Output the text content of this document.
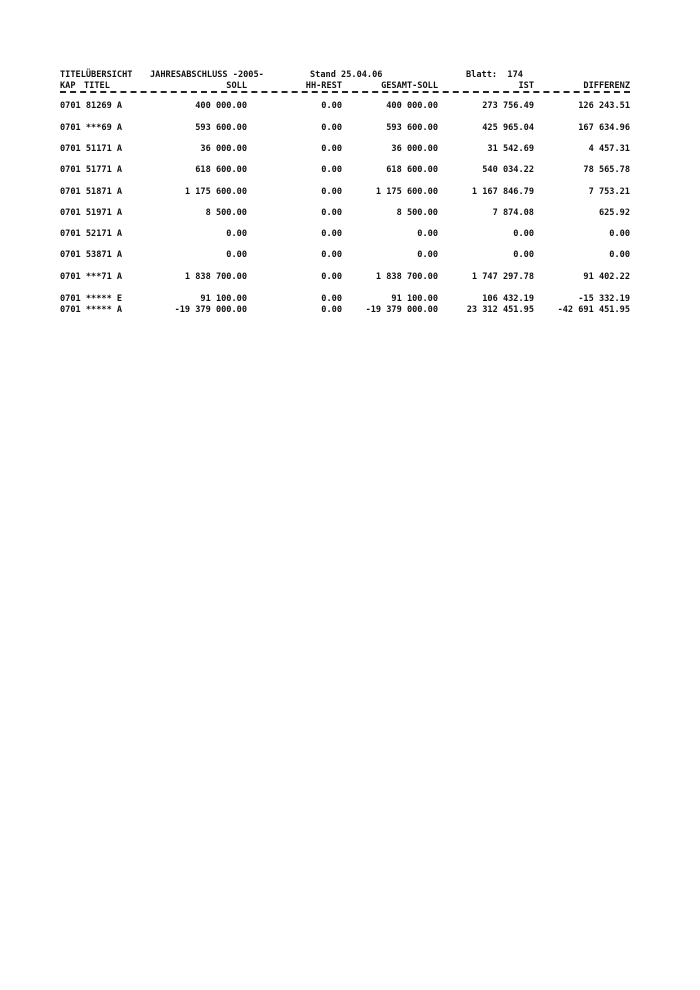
TITELÜBERSICHT JAHRESABSCHLUSS -2005-	Stand 25.04.06	Blatt:  174
KAP TITEL	SOLL	HH-REST	GESAMT-SOLL	IST	DIFFERENZ
0701 81269 A	400 000.00	0.00	400 000.00	273 756.49	126 243.51
0701 ***69 A	593 600.00	0.00	593 600.00	425 965.04	167 634.96
0701 51171 A	36 000.00	0.00	36 000.00	31 542.69	4 457.31
0701 51771 A	618 600.00	0.00	618 600.00	540 034.22	78 565.78
0701 51871 A	1 175 600.00	0.00	1 175 600.00	1 167 846.79	7 753.21
0701 51971 A	8 500.00	0.00	8 500.00	7 874.08	625.92
0701 52171 A	0.00	0.00	0.00	0.00	0.00
0701 53871 A	0.00	0.00	0.00	0.00	0.00
0701 ***71 A	1 838 700.00	0.00	1 838 700.00	1 747 297.78	91 402.22
0701 ***** E	91 100.00	0.00	91 100.00	106 432.19	-15 332.19
0701 ***** A	-19 379 000.00	0.00	-19 379 000.00	23 312 451.95	-42 691 451.95
